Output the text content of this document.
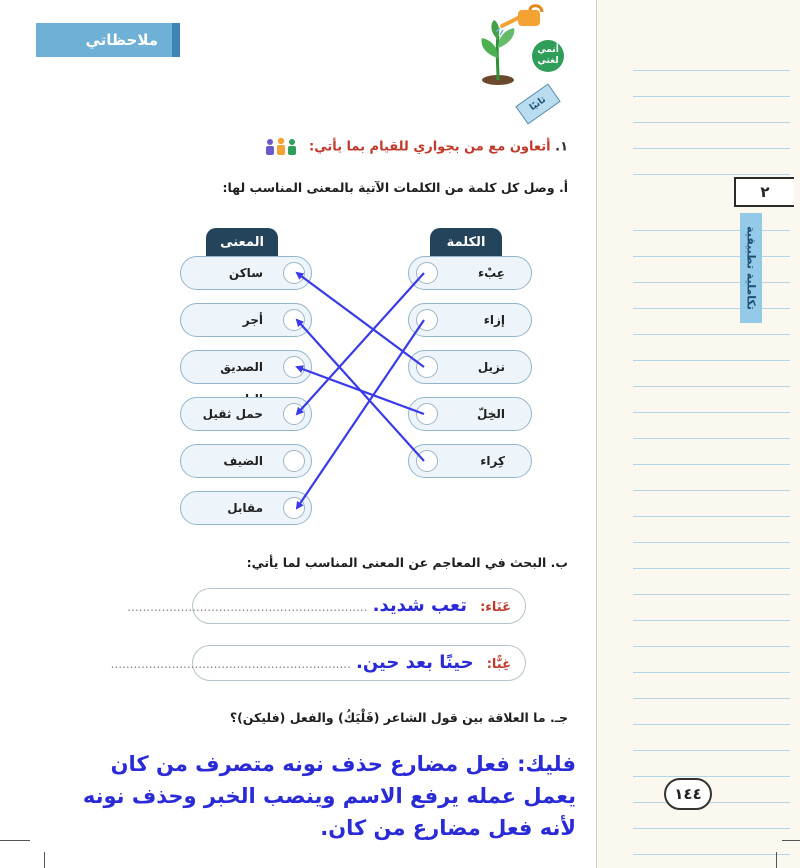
ملاحظاتي
٢
تكاملية تطبيقية
١٤٤
أنمي لغتي
ثانيًا
١. أتعاون مع من بجواري للقيام بما يأتي:
أ. وصل كل كلمة من الكلمات الآتية بالمعنى المناسب لها:
الكلمة
المعنى
عِبْء
إزاء
نزيل
الخِلّ
كِراء
ساكن
أجر
الصديق
حمل ثقيل
الضيف
مقابل
ب. البحث في المعاجم عن المعنى المناسب لما يأتي:
عَنَاء: تعب شديد. ...............................................................
غِبًّا: حينًا بعد حين. ...............................................................
جـ. ما العلاقة بين قول الشاعر (فَلْيَكُ) والفعل (فليكن)؟
فليك: فعل مضارع حذف نونه متصرف من كان
يعمل عمله يرفع الاسم وينصب الخبر وحذف نونه
لأنه فعل مضارع من كان.
